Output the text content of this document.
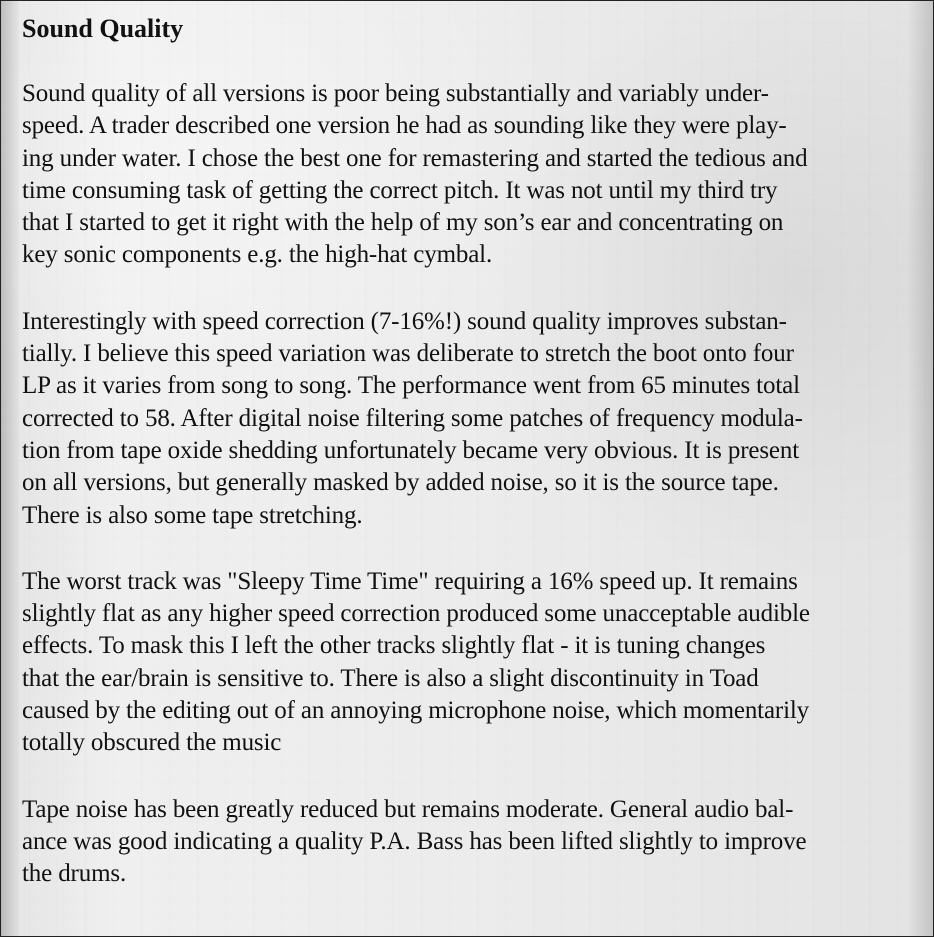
Sound Quality
Sound quality of all versions is poor being substantially and variably under-
speed. A trader described one version he had as sounding like they were play-
ing under water. I chose the best one for remastering and started the tedious and
time consuming task of getting the correct pitch. It was not until my third try
that I started to get it right with the help of my son’s ear and concentrating on
key sonic components e.g. the high-hat cymbal.
Interestingly with speed correction (7-16%!) sound quality improves substan-
tially. I believe this speed variation was deliberate to stretch the boot onto four
LP as it varies from song to song. The performance went from 65 minutes total
corrected to 58. After digital noise filtering some patches of frequency modula-
tion from tape oxide shedding unfortunately became very obvious. It is present
on all versions, but generally masked by added noise, so it is the source tape.
There is also some tape stretching.
The worst track was "Sleepy Time Time" requiring a 16% speed up. It remains
slightly flat as any higher speed correction produced some unacceptable audible
effects. To mask this I left the other tracks slightly flat - it is tuning changes
that the ear/brain is sensitive to. There is also a slight discontinuity in Toad
caused by the editing out of an annoying microphone noise, which momentarily
totally obscured the music
Tape noise has been greatly reduced but remains moderate. General audio bal-
ance was good indicating a quality P.A. Bass has been lifted slightly to improve
the drums.
